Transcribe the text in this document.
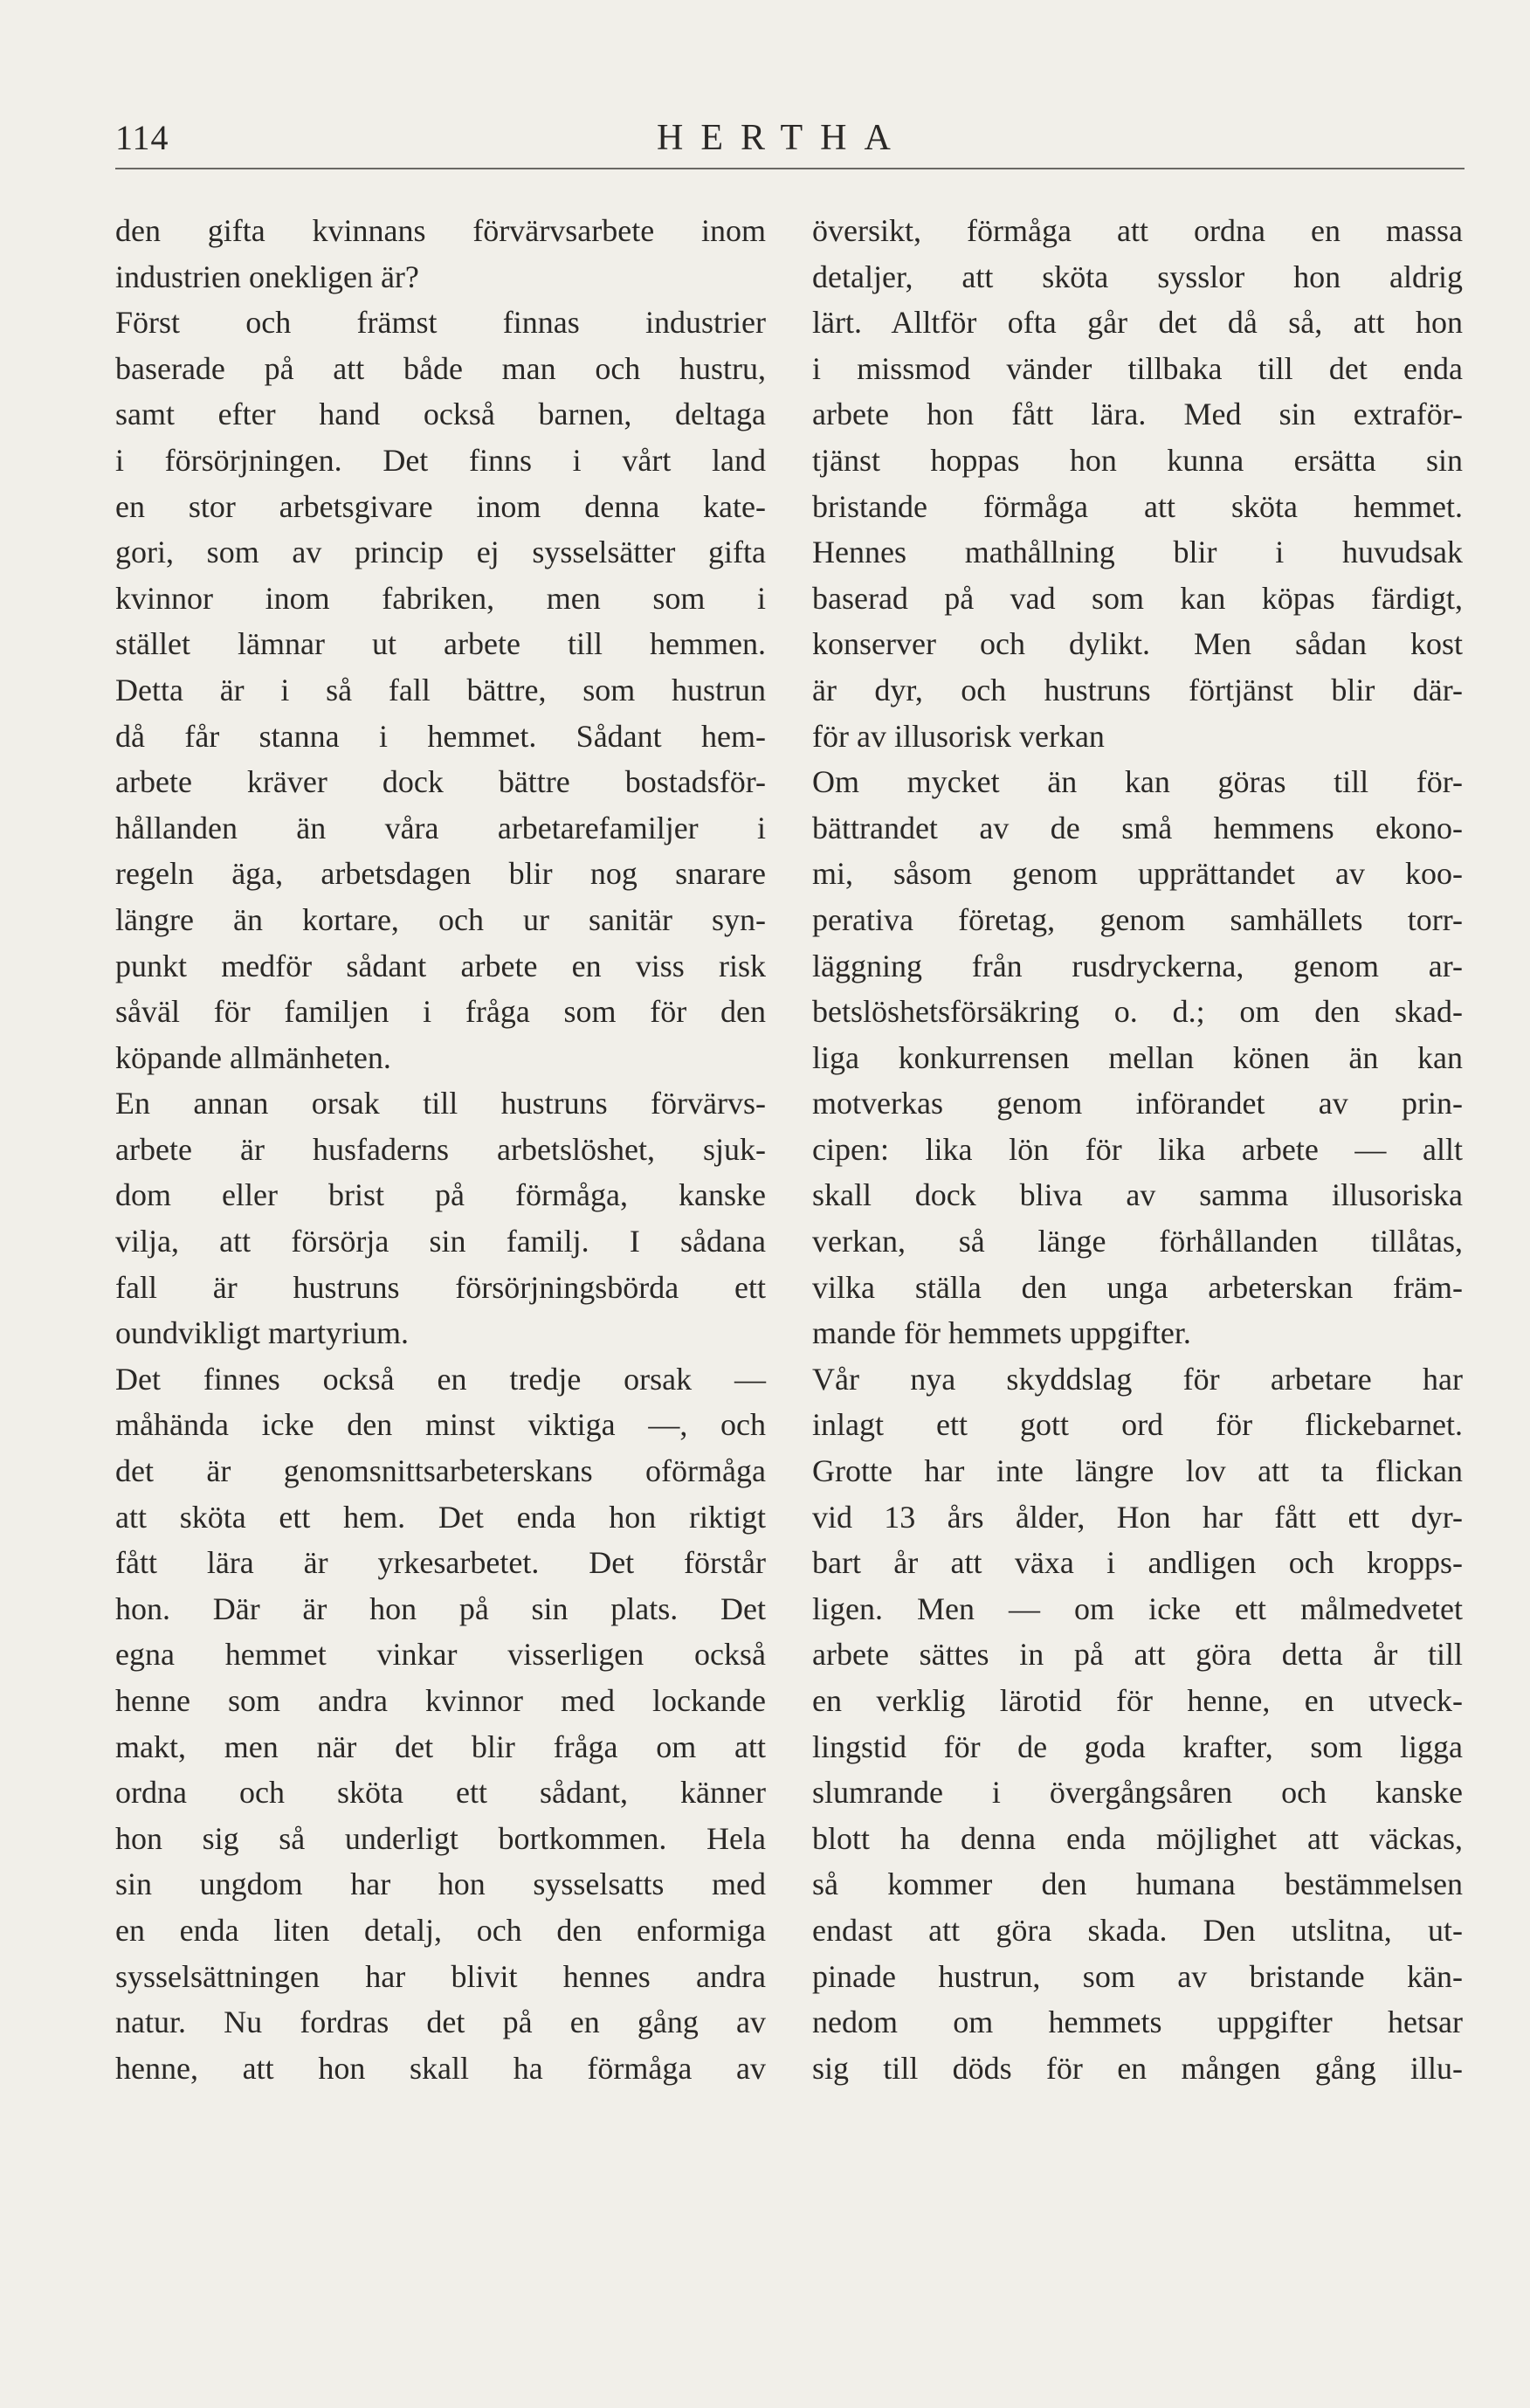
114	HERTHA
den gifta kvinnans förvärvsarbete inom
industrien onekligen är?
Först och främst finnas industrier
baserade på att både man och hustru,
samt efter hand också barnen, deltaga
i försörjningen. Det finns i vårt land
en stor arbetsgivare inom denna kate-
gori, som av princip ej sysselsätter gifta
kvinnor inom fabriken, men som i
stället lämnar ut arbete till hemmen.
Detta är i så fall bättre, som hustrun
då får stanna i hemmet. Sådant hem-
arbete kräver dock bättre bostadsför-
hållanden än våra arbetarefamiljer i
regeln äga, arbetsdagen blir nog snarare
längre än kortare, och ur sanitär syn-
punkt medför sådant arbete en viss risk
såväl för familjen i fråga som för den
köpande allmänheten.
En annan orsak till hustruns förvärvs-
arbete är husfaderns arbetslöshet, sjuk-
dom eller brist på förmåga, kanske
vilja, att försörja sin familj. I sådana
fall är hustruns försörjningsbörda ett
oundvikligt martyrium.
Det finnes också en tredje orsak —
måhända icke den minst viktiga —, och
det är genomsnittsarbeterskans oförmåga
att sköta ett hem. Det enda hon riktigt
fått lära är yrkesarbetet. Det förstår
hon. Där är hon på sin plats. Det
egna hemmet vinkar visserligen också
henne som andra kvinnor med lockande
makt, men när det blir fråga om att
ordna och sköta ett sådant, känner
hon sig så underligt bortkommen. Hela
sin ungdom har hon sysselsatts med
en enda liten detalj, och den enformiga
sysselsättningen har blivit hennes andra
natur. Nu fordras det på en gång av
henne, att hon skall ha förmåga av
översikt, förmåga att ordna en massa
detaljer, att sköta sysslor hon aldrig
lärt. Alltför ofta går det då så, att hon
i missmod vänder tillbaka till det enda
arbete hon fått lära. Med sin extraför-
tjänst hoppas hon kunna ersätta sin
bristande förmåga att sköta hemmet.
Hennes mathållning blir i huvudsak
baserad på vad som kan köpas färdigt,
konserver och dylikt. Men sådan kost
är dyr, och hustruns förtjänst blir där-
för av illusorisk verkan
Om mycket än kan göras till för-
bättrandet av de små hemmens ekono-
mi, såsom genom upprättandet av koo-
perativa företag, genom samhällets torr-
läggning från rusdryckerna, genom ar-
betslöshetsförsäkring o. d.; om den skad-
liga konkurrensen mellan könen än kan
motverkas genom införandet av prin-
cipen: lika lön för lika arbete — allt
skall dock bliva av samma illusoriska
verkan, så länge förhållanden tillåtas,
vilka ställa den unga arbeterskan främ-
mande för hemmets uppgifter.
Vår nya skyddslag för arbetare har
inlagt ett gott ord för flickebarnet.
Grotte har inte längre lov att ta flickan
vid 13 års ålder, Hon har fått ett dyr-
bart år att växa i andligen och kropps-
ligen. Men — om icke ett målmedvetet
arbete sättes in på att göra detta år till
en verklig lärotid för henne, en utveck-
lingstid för de goda krafter, som ligga
slumrande i övergångsåren och kanske
blott ha denna enda möjlighet att väckas,
så kommer den humana bestämmelsen
endast att göra skada. Den utslitna, ut-
pinade hustrun, som av bristande kän-
nedom om hemmets uppgifter hetsar
sig till döds för en mången gång illu-
